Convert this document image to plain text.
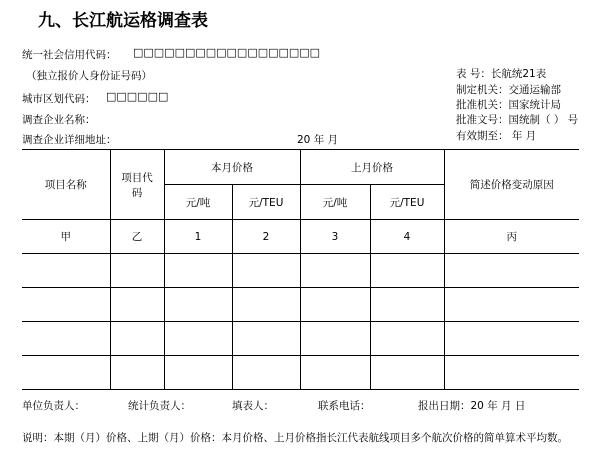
九、长江航运格调查表
统一社会信用代码： □□□□□□□□□□□□□□□□□□
（独立报价人身份证号码）
城市区划代码： □□□□□□
调查企业名称：
调查企业详细地址：	20 年 月
表 号：长航统21表
制定机关：交通运输部
批准机关：国家统计局
批准文号：国统制（ ） 号
有效期至： 年 月
项目名称	项目代码	本月价格		上月价格		简述价格变动原因
		元/吨	元/TEU	元/吨	元/TEU	
甲	乙	1	2	3	4	丙

单位负责人：	统计负责人：	填表人：	联系电话：	报出日期：20 年 月 日
说明：本期（月）价格、上期（月）价格：本月价格、上月价格指长江代表航线项目多个航次价格的简单算术平均数。
